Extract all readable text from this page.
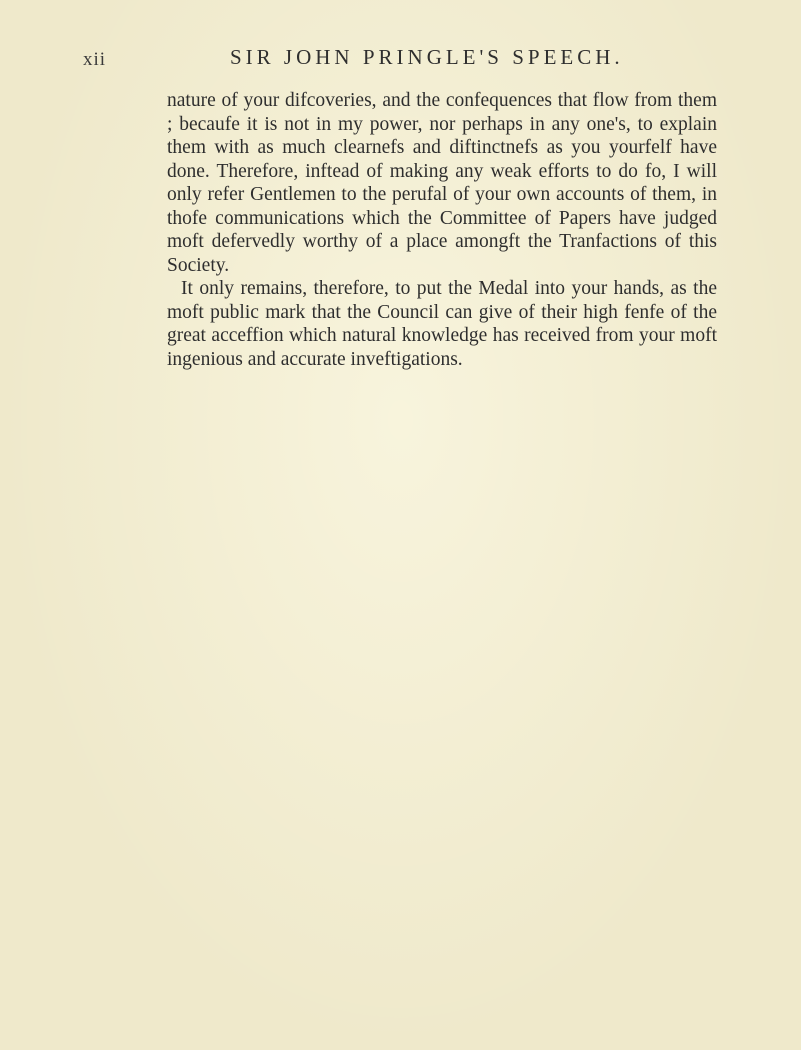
xii	SIR JOHN PRINGLE'S SPEECH.

nature of your difcoveries, and the confequences that flow from them ; becaufe it is not in my power, nor perhaps in any one's, to explain them with as much clearnefs and diftinctnefs as you yourfelf have done. Therefore, inftead of making any weak efforts to do fo, I will only refer Gentlemen to the perufal of your own accounts of them, in thofe communications which the Committee of Papers have judged moft defervedly worthy of a place amongft the Tranfactions of this Society.

It only remains, therefore, to put the Medal into your hands, as the moft public mark that the Council can give of their high fenfe of the great acceffion which natural knowledge has received from your moft ingenious and accurate inveftigations.
